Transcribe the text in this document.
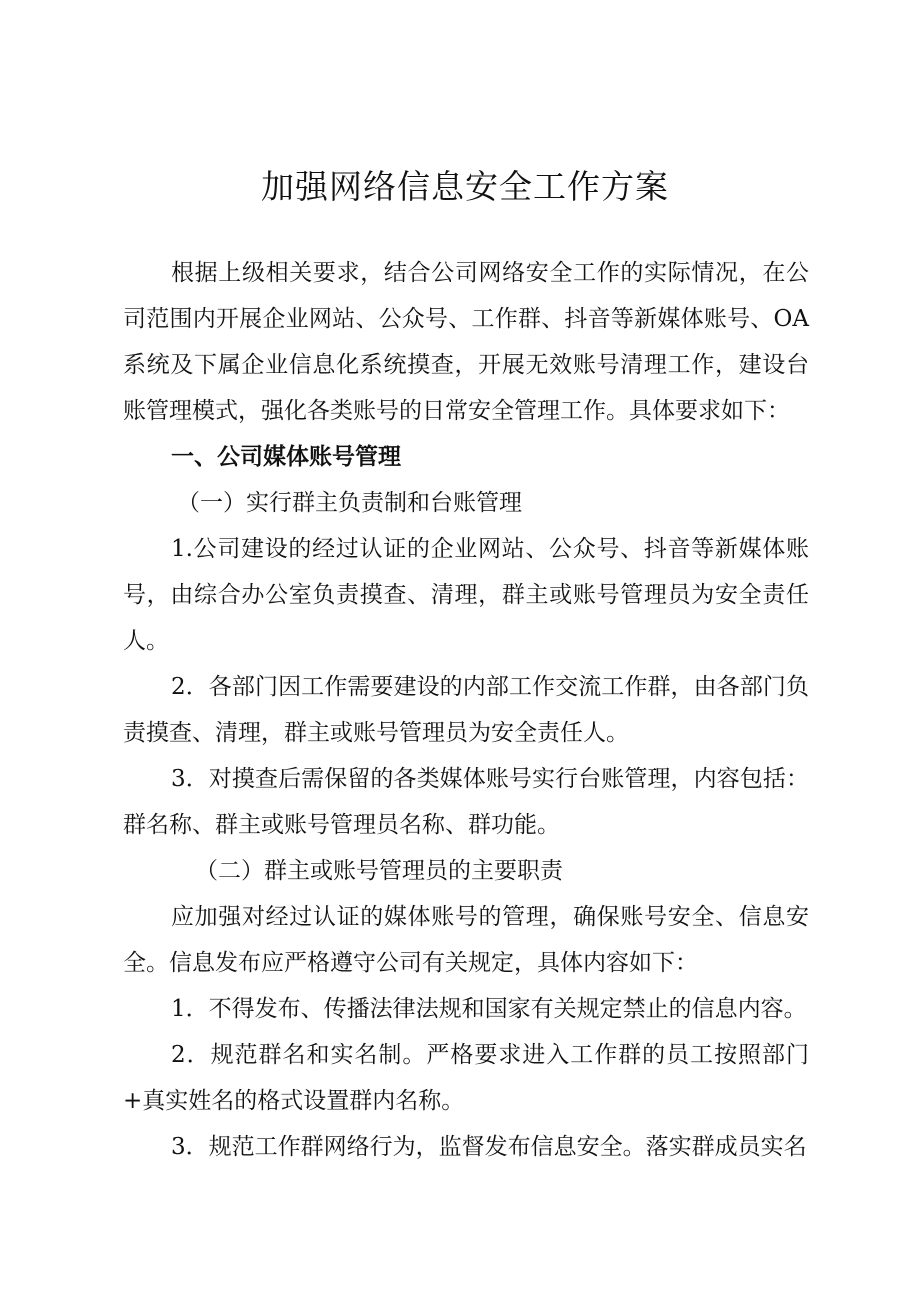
加强网络信息安全工作方案

根据上级相关要求，结合公司网络安全工作的实际情况，在公司范围内开展企业网站、公众号、工作群、抖音等新媒体账号、OA系统及下属企业信息化系统摸查，开展无效账号清理工作，建设台账管理模式，强化各类账号的日常安全管理工作。具体要求如下：

一、公司媒体账号管理

（一）实行群主负责制和台账管理

1.公司建设的经过认证的企业网站、公众号、抖音等新媒体账号，由综合办公室负责摸查、清理，群主或账号管理员为安全责任人。

2．各部门因工作需要建设的内部工作交流工作群，由各部门负责摸查、清理，群主或账号管理员为安全责任人。

3．对摸查后需保留的各类媒体账号实行台账管理，内容包括：群名称、群主或账号管理员名称、群功能。

（二）群主或账号管理员的主要职责

应加强对经过认证的媒体账号的管理，确保账号安全、信息安全。信息发布应严格遵守公司有关规定，具体内容如下：

1．不得发布、传播法律法规和国家有关规定禁止的信息内容。

2．规范群名和实名制。严格要求进入工作群的员工按照部门+真实姓名的格式设置群内名称。

3．规范工作群网络行为，监督发布信息安全。落实群成员实名
